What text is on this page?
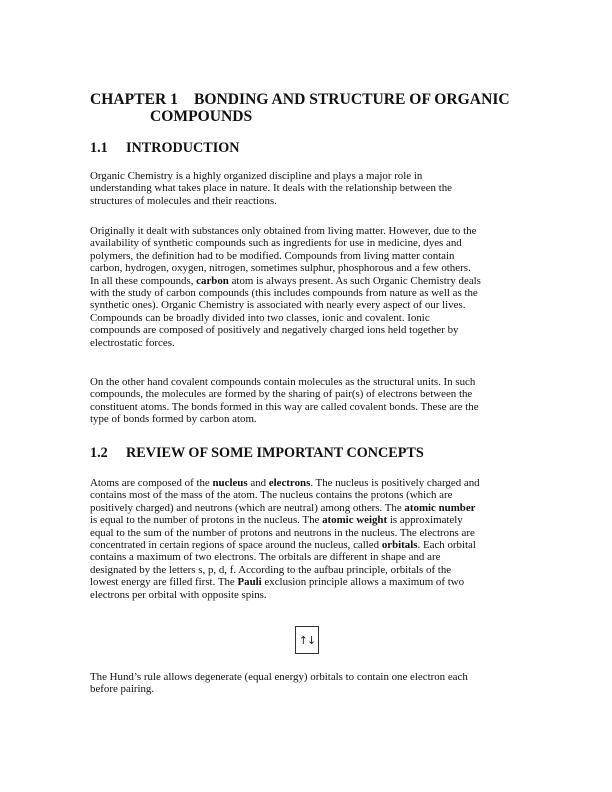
CHAPTER 1 BONDING AND STRUCTURE OF ORGANIC
COMPOUNDS
1.1 INTRODUCTION

Organic Chemistry is a highly organized discipline and plays a major role in
understanding what takes place in nature. It deals with the relationship between the
structures of molecules and their reactions.

Originally it dealt with substances only obtained from living matter. However, due to the
availability of synthetic compounds such as ingredients for use in medicine, dyes and
polymers, the definition had to be modified. Compounds from living matter contain
carbon, hydrogen, oxygen, nitrogen, sometimes sulphur, phosphorous and a few others.
In all these compounds, carbon atom is always present. As such Organic Chemistry deals
with the study of carbon compounds (this includes compounds from nature as well as the
synthetic ones). Organic Chemistry is associated with nearly every aspect of our lives.
Compounds can be broadly divided into two classes, ionic and covalent. Ionic
compounds are composed of positively and negatively charged ions held together by
electrostatic forces.

On the other hand covalent compounds contain molecules as the structural units. In such
compounds, the molecules are formed by the sharing of pair(s) of electrons between the
constituent atoms. The bonds formed in this way are called covalent bonds. These are the
type of bonds formed by carbon atom.

1.2 REVIEW OF SOME IMPORTANT CONCEPTS

Atoms are composed of the nucleus and electrons. The nucleus is positively charged and
contains most of the mass of the atom. The nucleus contains the protons (which are
positively charged) and neutrons (which are neutral) among others. The atomic number
is equal to the number of protons in the nucleus. The atomic weight is approximately
equal to the sum of the number of protons and neutrons in the nucleus. The electrons are
concentrated in certain regions of space around the nucleus, called orbitals. Each orbital
contains a maximum of two electrons. The orbitals are different in shape and are
designated by the letters s, p, d, f. According to the aufbau principle, orbitals of the
lowest energy are filled first. The Pauli exclusion principle allows a maximum of two
electrons per orbital with opposite spins.

↑↓

The Hund’s rule allows degenerate (equal energy) orbitals to contain one electron each
before pairing.
